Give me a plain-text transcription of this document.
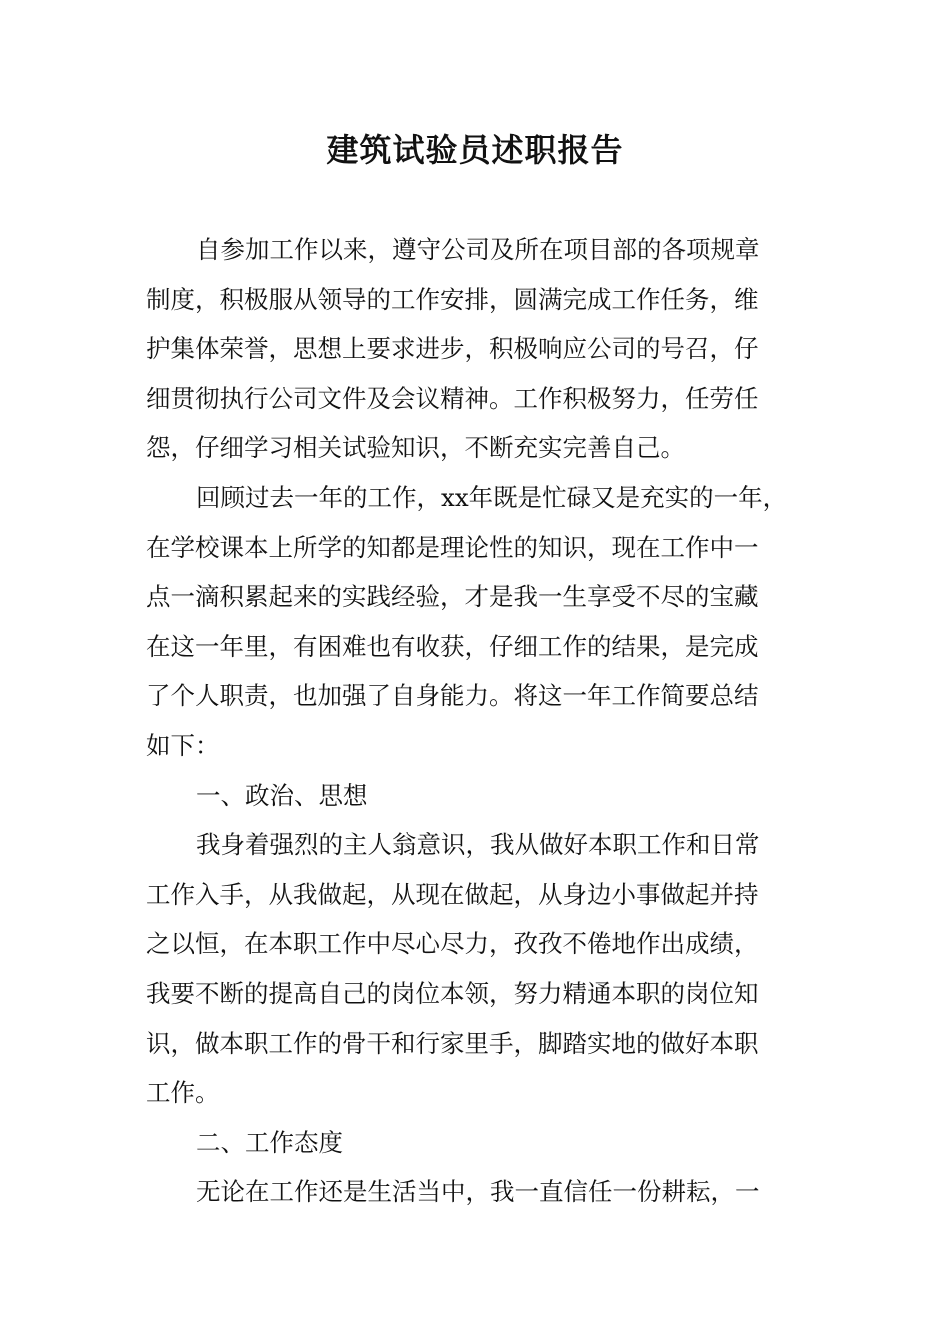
建筑试验员述职报告
自参加工作以来，遵守公司及所在项目部的各项规章
制度，积极服从领导的工作安排，圆满完成工作任务，维
护集体荣誉，思想上要求进步，积极响应公司的号召，仔
细贯彻执行公司文件及会议精神。工作积极努力，任劳任
怨，仔细学习相关试验知识，不断充实完善自己。
回顾过去一年的工作，xx年既是忙碌又是充实的一年，
在学校课本上所学的知都是理论性的知识，现在工作中一
点一滴积累起来的实践经验，才是我一生享受不尽的宝藏
在这一年里，有困难也有收获，仔细工作的结果，是完成
了个人职责，也加强了自身能力。将这一年工作简要总结
如下：
一、政治、思想
我身着强烈的主人翁意识，我从做好本职工作和日常
工作入手，从我做起，从现在做起，从身边小事做起并持
之以恒，在本职工作中尽心尽力，孜孜不倦地作出成绩，
我要不断的提高自己的岗位本领，努力精通本职的岗位知
识，做本职工作的骨干和行家里手，脚踏实地的做好本职
工作。
二、工作态度
无论在工作还是生活当中，我一直信任一份耕耘，一
